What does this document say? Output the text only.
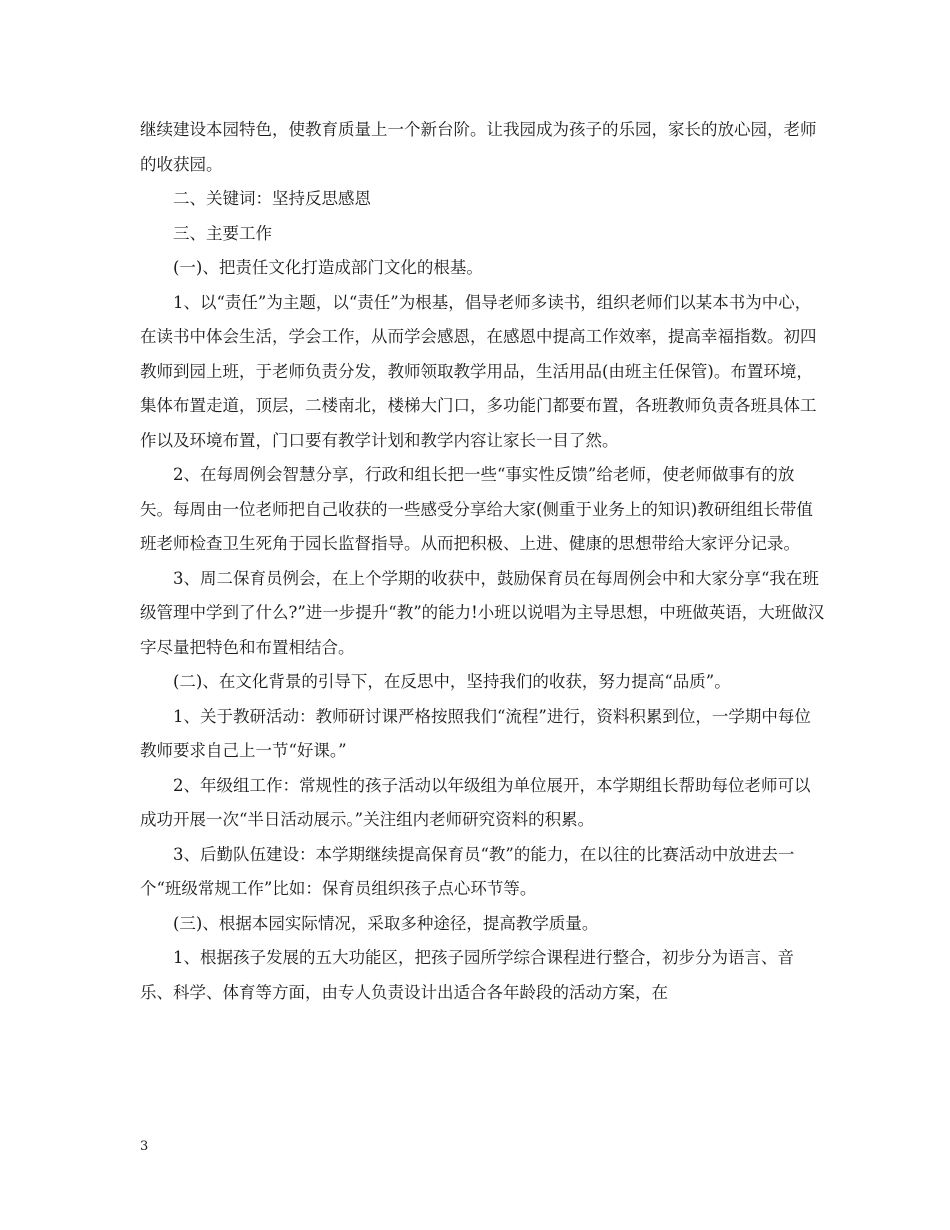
继续建设本园特色，使教育质量上一个新台阶。让我园成为孩子的乐园，家长的放心园，老师的收获园。

二、关键词：坚持反思感恩

三、主要工作

(一)、把责任文化打造成部门文化的根基。

1、以“责任”为主题，以“责任”为根基，倡导老师多读书，组织老师们以某本书为中心，在读书中体会生活，学会工作，从而学会感恩，在感恩中提高工作效率，提高幸福指数。初四教师到园上班，于老师负责分发，教师领取教学用品，生活用品(由班主任保管)。布置环境，集体布置走道，顶层，二楼南北，楼梯大门口，多功能门都要布置，各班教师负责各班具体工作以及环境布置，门口要有教学计划和教学内容让家长一目了然。

2、在每周例会智慧分享，行政和组长把一些“事实性反馈”给老师，使老师做事有的放矢。每周由一位老师把自己收获的一些感受分享给大家(侧重于业务上的知识)教研组组长带值班老师检查卫生死角于园长监督指导。从而把积极、上进、健康的思想带给大家评分记录。

3、周二保育员例会，在上个学期的收获中，鼓励保育员在每周例会中和大家分享“我在班级管理中学到了什么?”进一步提升“教”的能力!小班以说唱为主导思想，中班做英语，大班做汉字尽量把特色和布置相结合。

(二)、在文化背景的引导下，在反思中，坚持我们的收获，努力提高“品质”。

1、关于教研活动：教师研讨课严格按照我们“流程”进行，资料积累到位，一学期中每位教师要求自己上一节“好课。”

2、年级组工作：常规性的孩子活动以年级组为单位展开，本学期组长帮助每位老师可以成功开展一次“半日活动展示。”关注组内老师研究资料的积累。

3、后勤队伍建设：本学期继续提高保育员“教”的能力，在以往的比赛活动中放进去一个“班级常规工作”比如：保育员组织孩子点心环节等。

(三)、根据本园实际情况，采取多种途径，提高教学质量。

1、根据孩子发展的五大功能区，把孩子园所学综合课程进行整合，初步分为语言、音乐、科学、体育等方面，由专人负责设计出适合各年龄段的活动方案，在

3
